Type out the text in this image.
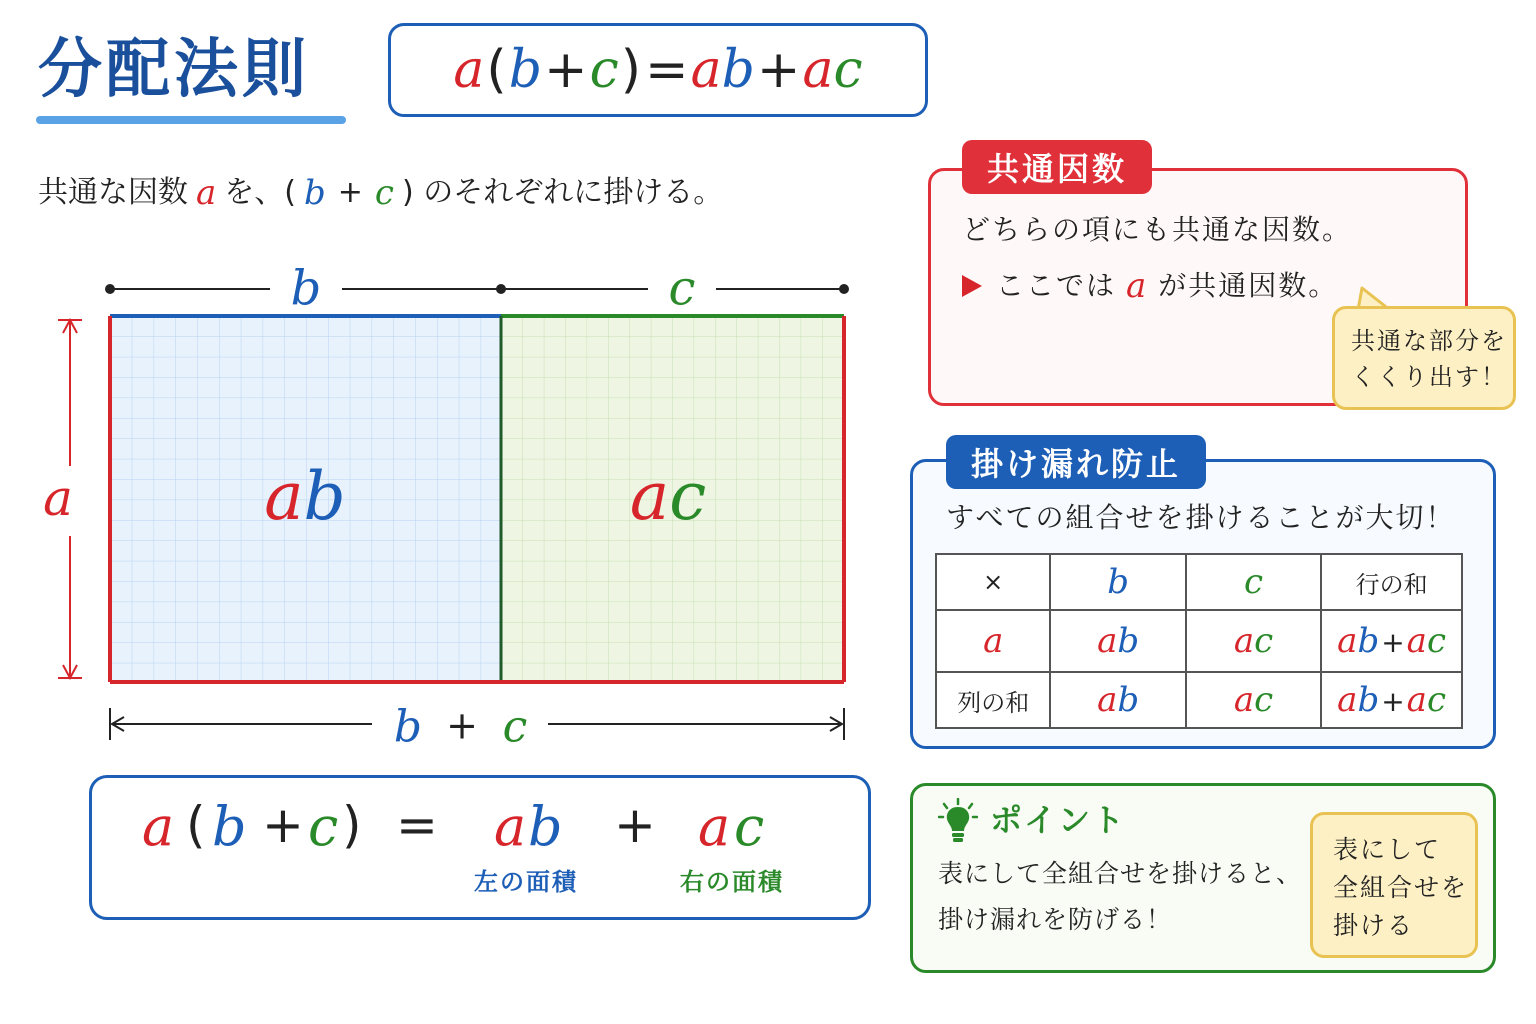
分配法則	a ( b + c ) = a b + a c
共通な因数 a を、( b + c ) のそれぞれに掛ける。
b	c
ab	ac
a
b + c
a ( b + c ) = a b + a c
左の面積	右の面積
共通因数
どちらの項にも共通な因数。
ここでは a が共通因数。
共通な部分を
くくり出す！
掛け漏れ防止
すべての組合せを掛けることが大切！
×	b	c	行の和
a	ab	ac	ab+ac
列の和	ab	ac	ab+ac
ポイント
表にして全組合せを掛けると、
掛け漏れを防げる！
表にして
全組合せを
掛ける
